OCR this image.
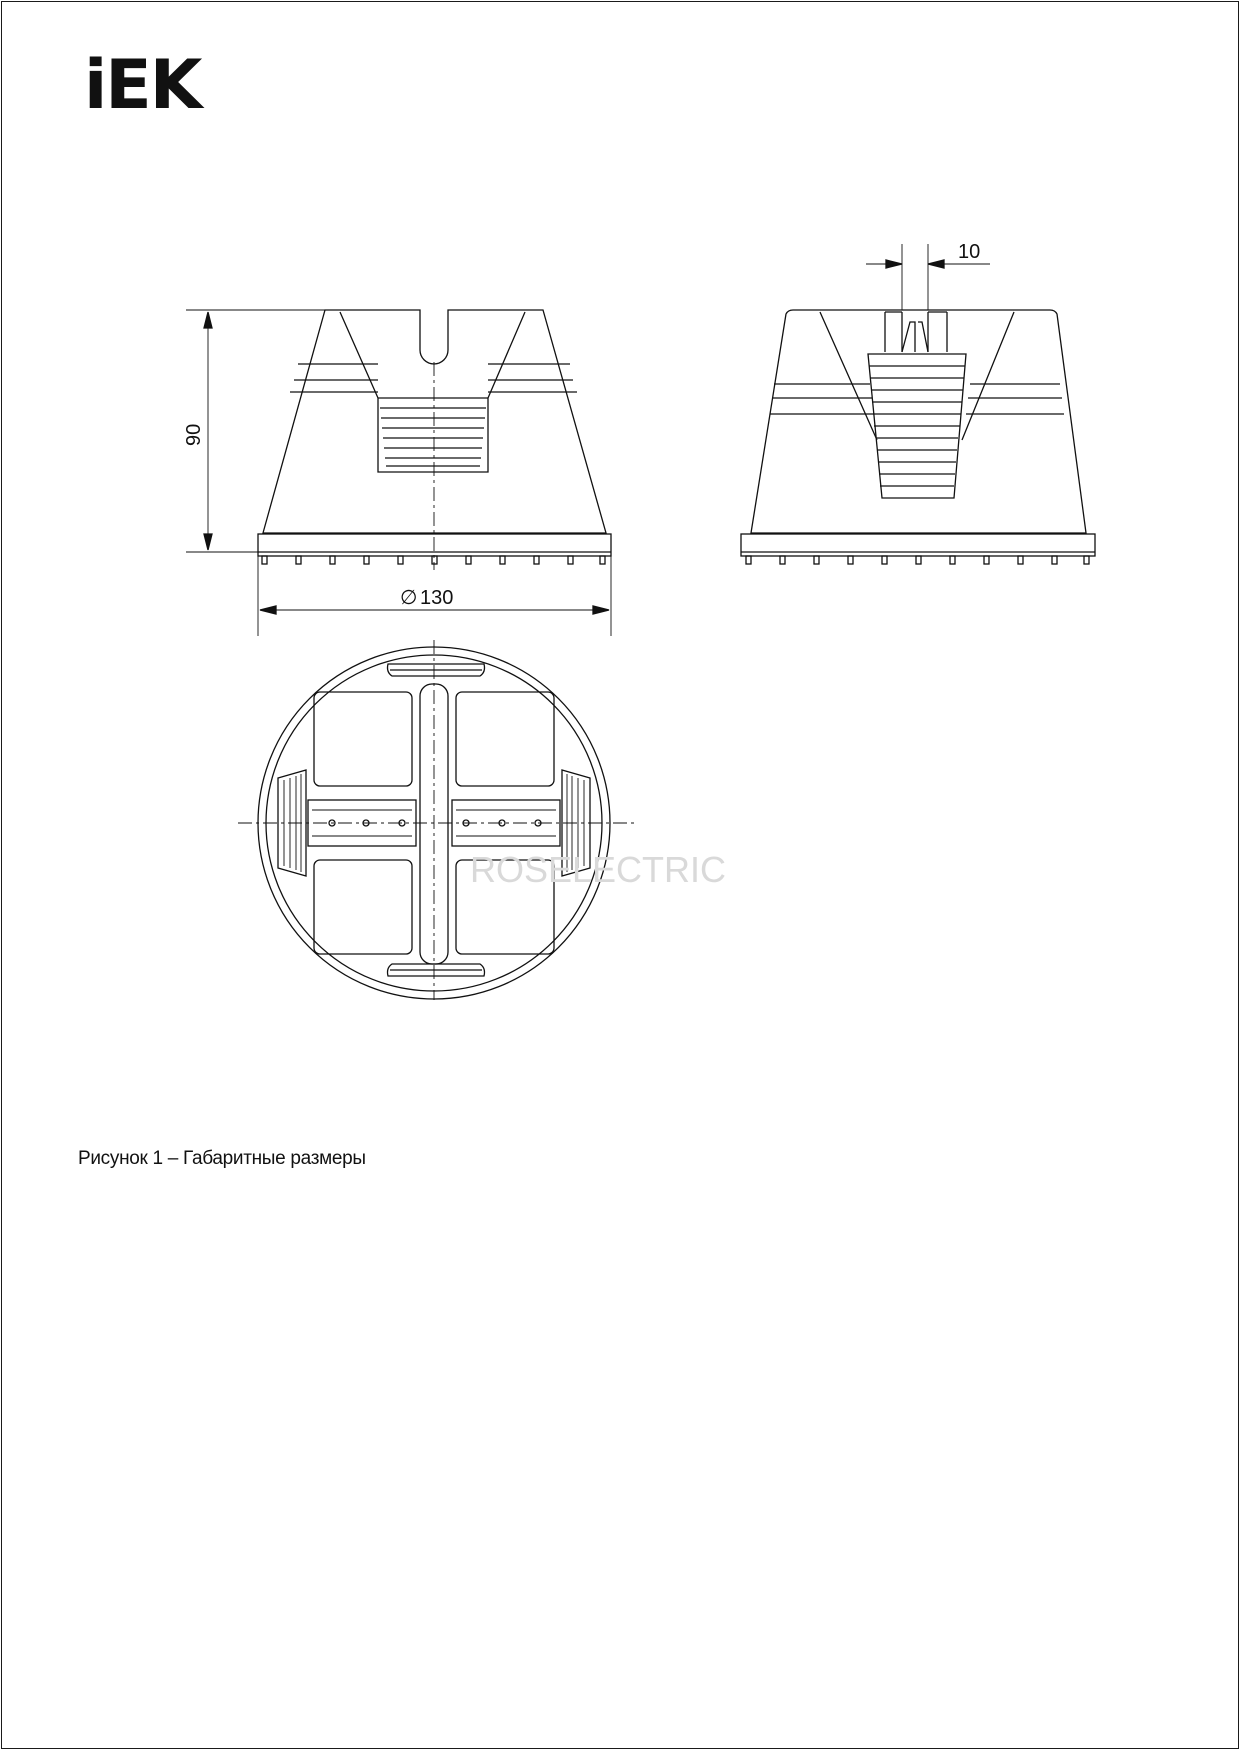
iEK
90
∅ 130
10
ROSELECTRIC
Рисунок 1 – Габаритные размеры
